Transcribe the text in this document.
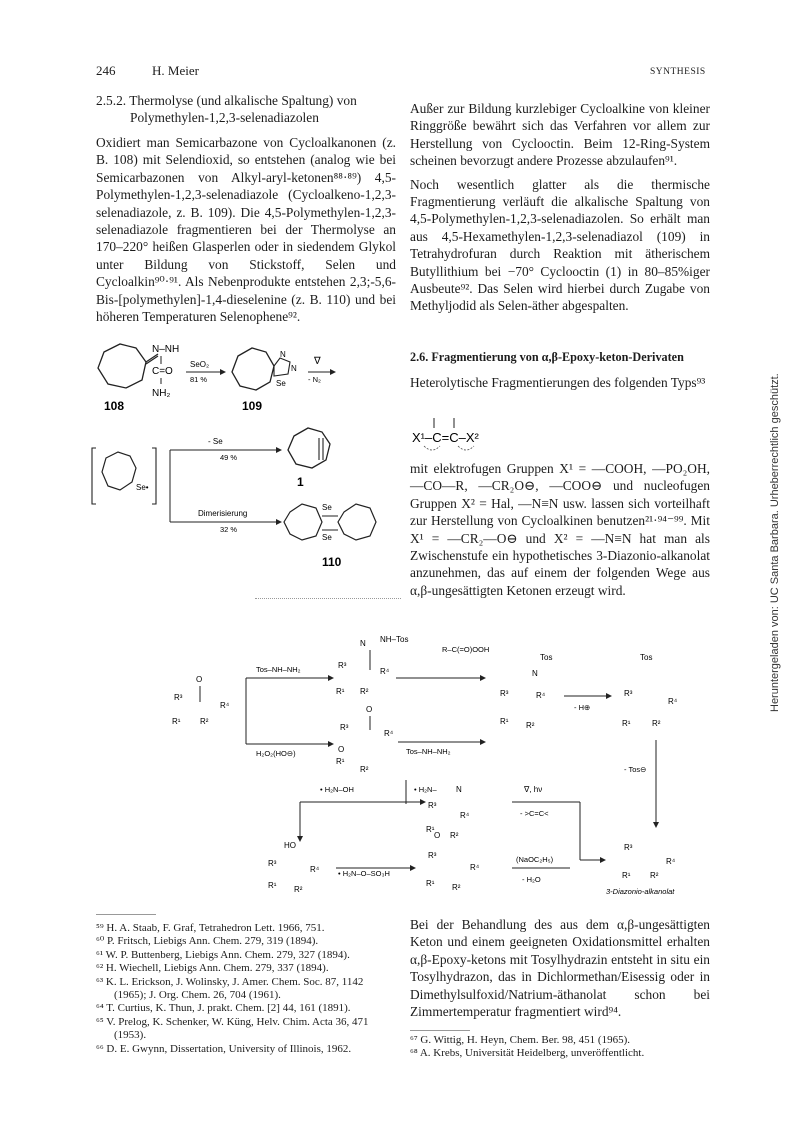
246	H. Meier	SYNTHESIS
Heruntergeladen von: UC Santa Barbara. Urheberrechtlich geschützt.
2.5.2. Thermolyse (und alkalische Spaltung) von
Polymethylen-1,2,3-selenadiazolen

Oxidiert man Semicarbazone von Cycloalkanonen (z. B. 108) mit Selendioxid, so entstehen (analog wie bei Semicarbazonen von Alkyl-aryl-ketonen⁸⁸·⁸⁹) 4,5-Polymethylen-1,2,3-selenadiazole (Cycloalkeno-1,2,3-selenadiazole, z. B. 109). Die 4,5-Polymethylen-1,2,3-selenadiazole fragmentieren bei der Thermolyse an 170–220° heißen Glasperlen oder in siedendem Glykol unter Bildung von Stickstoff, Selen und Cycloalkin⁹⁰·⁹¹. Als Nebenprodukte entstehen 2,3;-5,6-Bis-[polymethylen]-1,4-dieselenine (z. B. 110) und bei höheren Temperaturen Selenophene⁹².

Außer zur Bildung kurzlebiger Cycloalkine von kleiner Ringgröße bewährt sich das Verfahren vor allem zur Herstellung von Cyclooctin. Beim 12-Ring-System scheinen bevorzugt andere Prozesse abzulaufen⁹¹.

Noch wesentlich glatter als die thermische Fragmentierung verläuft die alkalische Spaltung von 4,5-Polymethylen-1,2,3-selenadiazolen. So erhält man aus 4,5-Hexamethylen-1,2,3-selenadiazol (109) in Tetrahydrofuran durch Reaktion mit ätherischem Butyllithium bei −70° Cyclooctin (1) in 80–85%iger Ausbeute⁹². Das Selen wird hierbei durch Zugabe von Methyljodid als Selen-äther abgespalten.

2.6. Fragmentierung von α,β-Epoxy-keton-Derivaten

Heterolytische Fragmentierungen des folgenden Typs⁹³

X¹–C=C–X²

mit elektrofugen Gruppen X¹ = —COOH, —PO₂OH, —CO—R, —CR₂O⊖, —COO⊖ und nucleofugen Gruppen X² = Hal, —N≡N usw. lassen sich vorteilhaft zur Herstellung von Cycloalkinen benutzen²¹·⁹⁴⁻⁹⁹. Mit X¹ = —CR₂—O⊖ und X² = —N≡N hat man als Zwischenstufe ein hypothetisches 3-Diazonio-alkanolat anzunehmen, das auf einem der folgenden Wege aus α,β-ungesättigten Ketonen erzeugt wird.

N–NH
C=O
NH₂
108
SeO₂
81 %
N
N
Se
109
∇
- N₂
Se•
- Se
49 %
Dimerisierung
32 %
1
Se
Se
110
NH–Tos
N
R³
R⁴
R¹ R²
O
R³
R⁴
R¹ R²
Tos–NH–NH₂
H₂O₂(HO⊖)
O
R³
R⁴
O
R¹
R²
Tos–NH–NH₂
R–C(=O)OOH
Tos
N
R³	R⁴
R¹ R²
- H⊕
Tos
R³
R⁴
R¹	R²
- Tos⊖
• H₂N–OH	• H₂N– N
R³
R⁴
R¹
R²
∇, hν
- >C=C<
R³
R⁴
R¹ R²
3-Diazonio-alkanolat
HO
R³
R⁴
R¹ R²
• H₂N–O–SO₃H
O
R³
R⁴
R¹ R²
(NaOC₂H₅)
- H₂O

Bei der Behandlung des aus dem α,β-ungesättigten Keton und einem geeigneten Oxidationsmittel erhalten α,β-Epoxy-ketons mit Tosylhydrazin entsteht in situ ein Tosylhydrazon, das in Dichlormethan/Eisessig oder in Dimethylsulfoxid/Natrium-äthanolat schon bei Zimmertemperatur fragmentiert wird⁹⁴.

⁵⁹ H. A. Staab, F. Graf, Tetrahedron Lett. 1966, 751.
⁶⁰ P. Fritsch, Liebigs Ann. Chem. 279, 319 (1894).
⁶¹ W. P. Buttenberg, Liebigs Ann. Chem. 279, 327 (1894).
⁶² H. Wiechell, Liebigs Ann. Chem. 279, 337 (1894).
⁶³ K. L. Erickson, J. Wolinsky, J. Amer. Chem. Soc. 87, 1142 (1965); J. Org. Chem. 26, 704 (1961).
⁶⁴ T. Curtius, K. Thun, J. prakt. Chem. [2] 44, 161 (1891).
⁶⁵ V. Prelog, K. Schenker, W. Küng, Helv. Chim. Acta 36, 471 (1953).
⁶⁶ D. E. Gwynn, Dissertation, University of Illinois, 1962.
⁶⁷ G. Wittig, H. Heyn, Chem. Ber. 98, 451 (1965).
⁶⁸ A. Krebs, Universität Heidelberg, unveröffentlicht.
